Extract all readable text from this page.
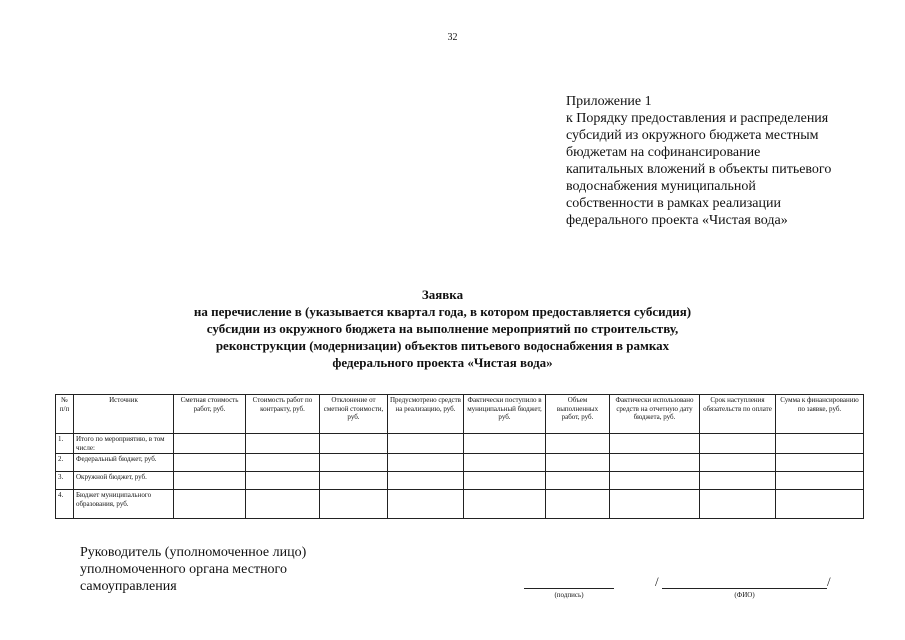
32
Приложение 1
к Порядку предоставления и распределения
субсидий из окружного бюджета местным
бюджетам на софинансирование
капитальных вложений в объекты питьевого
водоснабжения муниципальной
собственности в рамках реализации
федерального проекта «Чистая вода»
Заявка
на перечисление в (указывается квартал года, в котором предоставляется субсидия)
субсидии из окружного бюджета на выполнение мероприятий по строительству,
реконструкции (модернизации) объектов питьевого водоснабжения в рамках
федерального проекта «Чистая вода»
№ п/п	Источник	Сметная стоимость работ, руб.	Стоимость работ по контракту, руб.	Отклонение от сметной стоимости, руб.	Предусмотрено средств на реализацию, руб.	Фактически поступило в муниципальный бюджет, руб.	Объем выполненных работ, руб.	Фактически использовано средств на отчетную дату бюджета, руб.	Срок наступления обязательств по оплате	Сумма к финансированию по заявке, руб.
1.	Итого по мероприятию, в том числе:									
2.	Федеральный бюджет, руб.									
3.	Окружной бюджет, руб.									
4.	Бюджет муниципального образования, руб.									
Руководитель (уполномоченное лицо)
уполномоченного органа местного
самоуправления
(подпись)
/	/
(ФИО)
